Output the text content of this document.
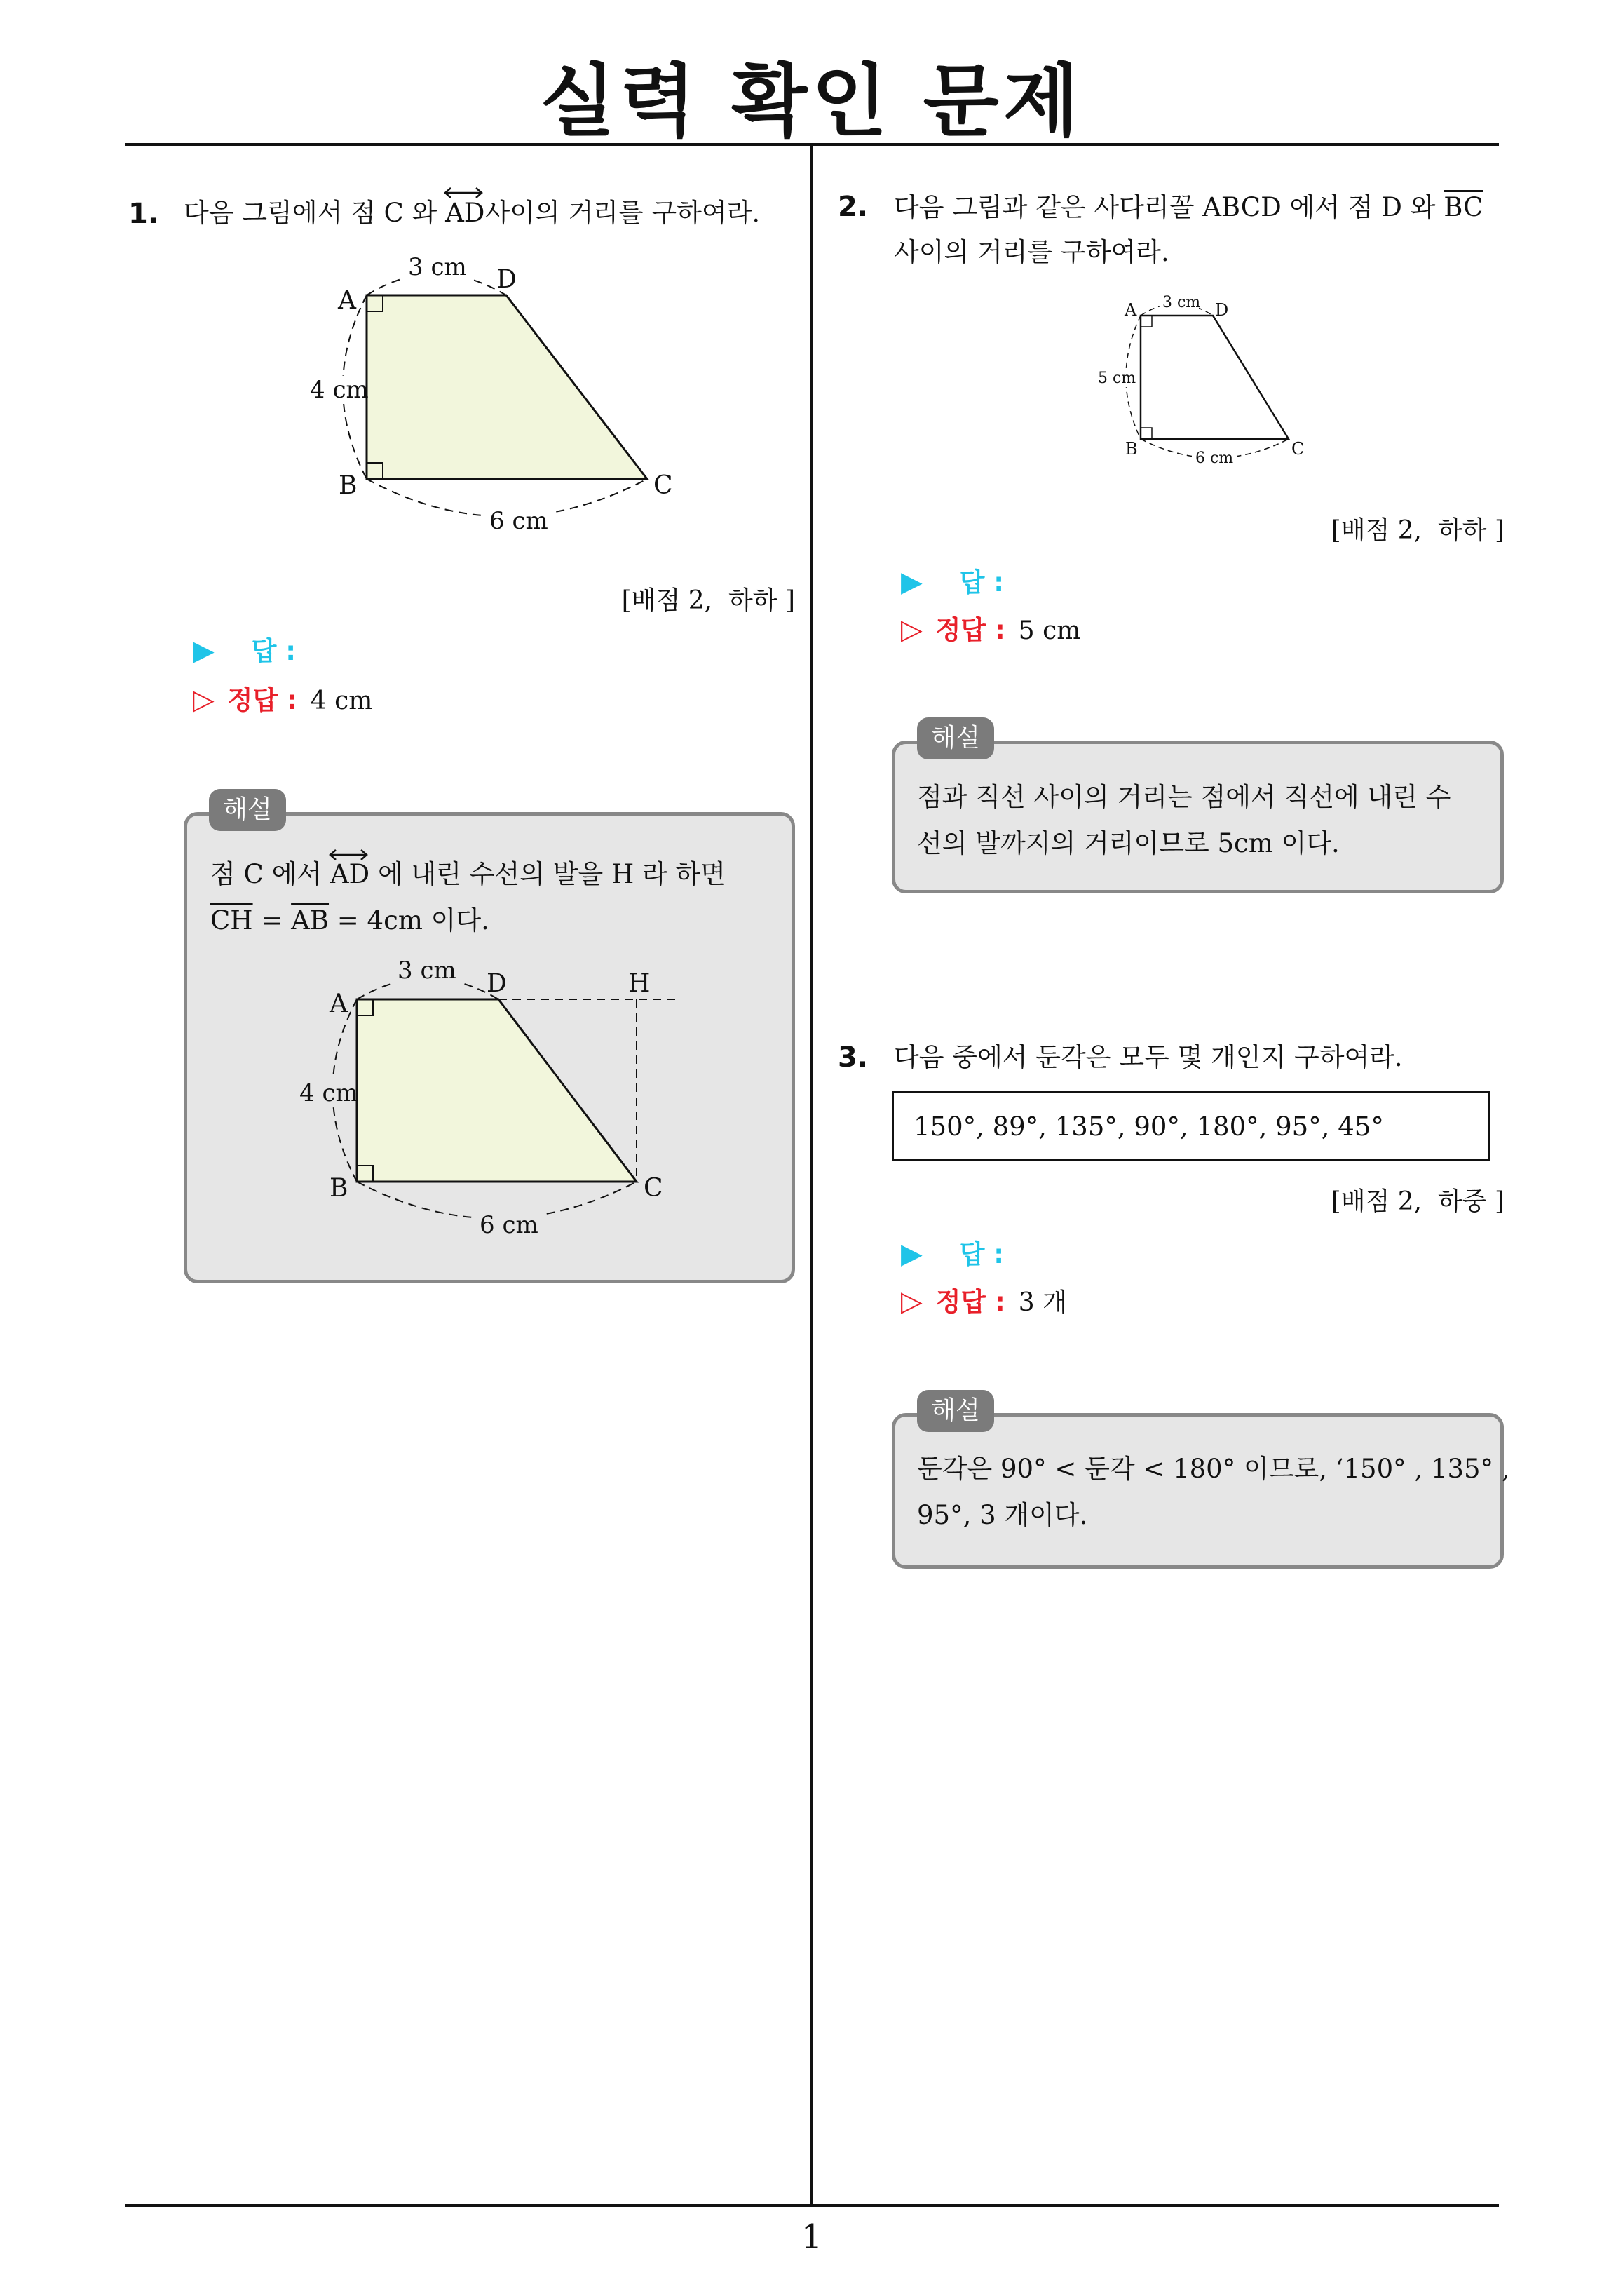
실력 확인 문제
1
1. 다음 그림에서 점 C 와 AD사이의 거리를 구하여라.
A
D
B	C
3 cm
4 cm
6 cm
[배점 2,  하하 ]
▶ 답 :
▷ 정답 : 4 cm
해설
점 C 에서 AD 에 내린 수선의 발을 H 라 하면
$\overline{CH} = \overline{AB} = 4cm$ 이다.
A
D	H
B	C
3 cm
4 cm
6 cm
2. 다음 그림과 같은 사다리꼴 ABCD 에서 점 D 와 $\overline{BC}$
사이의 거리를 구하여라.
A	D
B	C
3 cm
5 cm
6 cm
[배점 2,  하하 ]
▶ 답 :
▷ 정답 : 5 cm
해설
점과 직선 사이의 거리는 점에서 직선에 내린 수
선의 발까지의 거리이므로 5cm 이다.
3. 다음 중에서 둔각은 모두 몇 개인지 구하여라.
150°, 89°, 135°, 90°, 180°, 95°, 45°
[배점 2,  하중 ]
▶ 답 :
▷ 정답 : 3 개
해설
둔각은 90° < 둔각 < 180° 이므로, ‘150° , 135° ,
95°, 3 개이다.
